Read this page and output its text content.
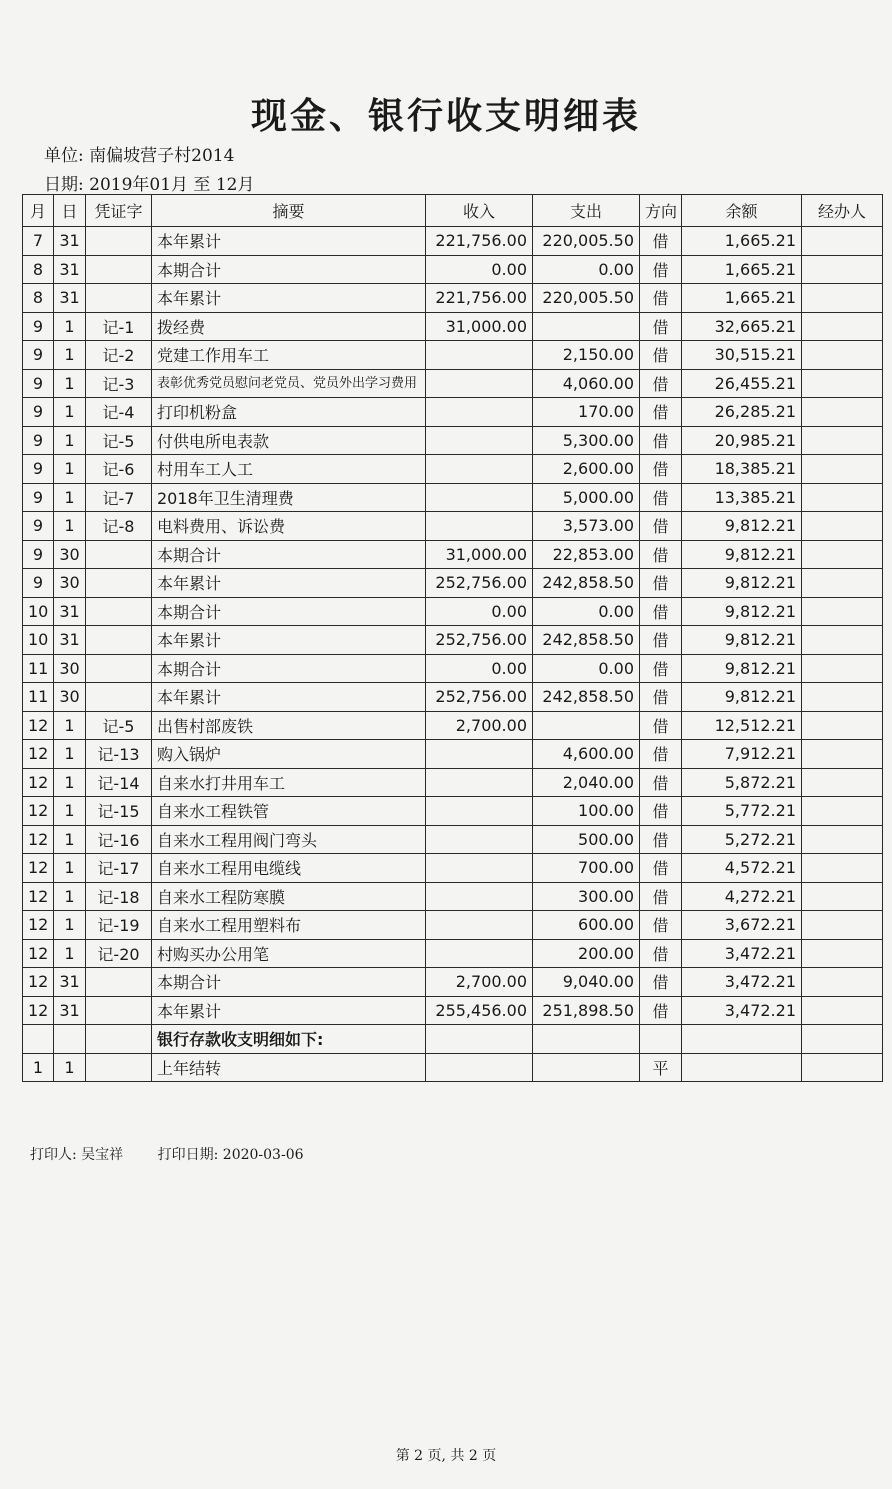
现金、银行收支明细表
单位: 南偏坡营子村2014
日期: 2019年01月 至 12月
月	日	凭证字	摘要	收入	支出	方向	余额	经办人
7	31		本年累计	221,756.00	220,005.50	借	1,665.21	
8	31		本期合计	0.00	0.00	借	1,665.21	
8	31		本年累计	221,756.00	220,005.50	借	1,665.21	
9	1	记-1	拨经费	31,000.00		借	32,665.21	
9	1	记-2	党建工作用车工		2,150.00	借	30,515.21	
9	1	记-3	表彰优秀党员慰问老党员、党员外出学习费用		4,060.00	借	26,455.21	
9	1	记-4	打印机粉盒		170.00	借	26,285.21	
9	1	记-5	付供电所电表款		5,300.00	借	20,985.21	
9	1	记-6	村用车工人工		2,600.00	借	18,385.21	
9	1	记-7	2018年卫生清理费		5,000.00	借	13,385.21	
9	1	记-8	电料费用、诉讼费		3,573.00	借	9,812.21	
9	30		本期合计	31,000.00	22,853.00	借	9,812.21	
9	30		本年累计	252,756.00	242,858.50	借	9,812.21	
10	31		本期合计	0.00	0.00	借	9,812.21	
10	31		本年累计	252,756.00	242,858.50	借	9,812.21	
11	30		本期合计	0.00	0.00	借	9,812.21	
11	30		本年累计	252,756.00	242,858.50	借	9,812.21	
12	1	记-5	出售村部废铁	2,700.00		借	12,512.21	
12	1	记-13	购入锅炉		4,600.00	借	7,912.21	
12	1	记-14	自来水打井用车工		2,040.00	借	5,872.21	
12	1	记-15	自来水工程铁管		100.00	借	5,772.21	
12	1	记-16	自来水工程用阀门弯头		500.00	借	5,272.21	
12	1	记-17	自来水工程用电缆线		700.00	借	4,572.21	
12	1	记-18	自来水工程防寒膜		300.00	借	4,272.21	
12	1	记-19	自来水工程用塑料布		600.00	借	3,672.21	
12	1	记-20	村购买办公用笔		200.00	借	3,472.21	
12	31		本期合计	2,700.00	9,040.00	借	3,472.21	
12	31		本年累计	255,456.00	251,898.50	借	3,472.21	
			银行存款收支明细如下:					
1	1		上年结转			平		
打印人: 吴宝祥 打印日期: 2020-03-06
第 2 页, 共 2 页
